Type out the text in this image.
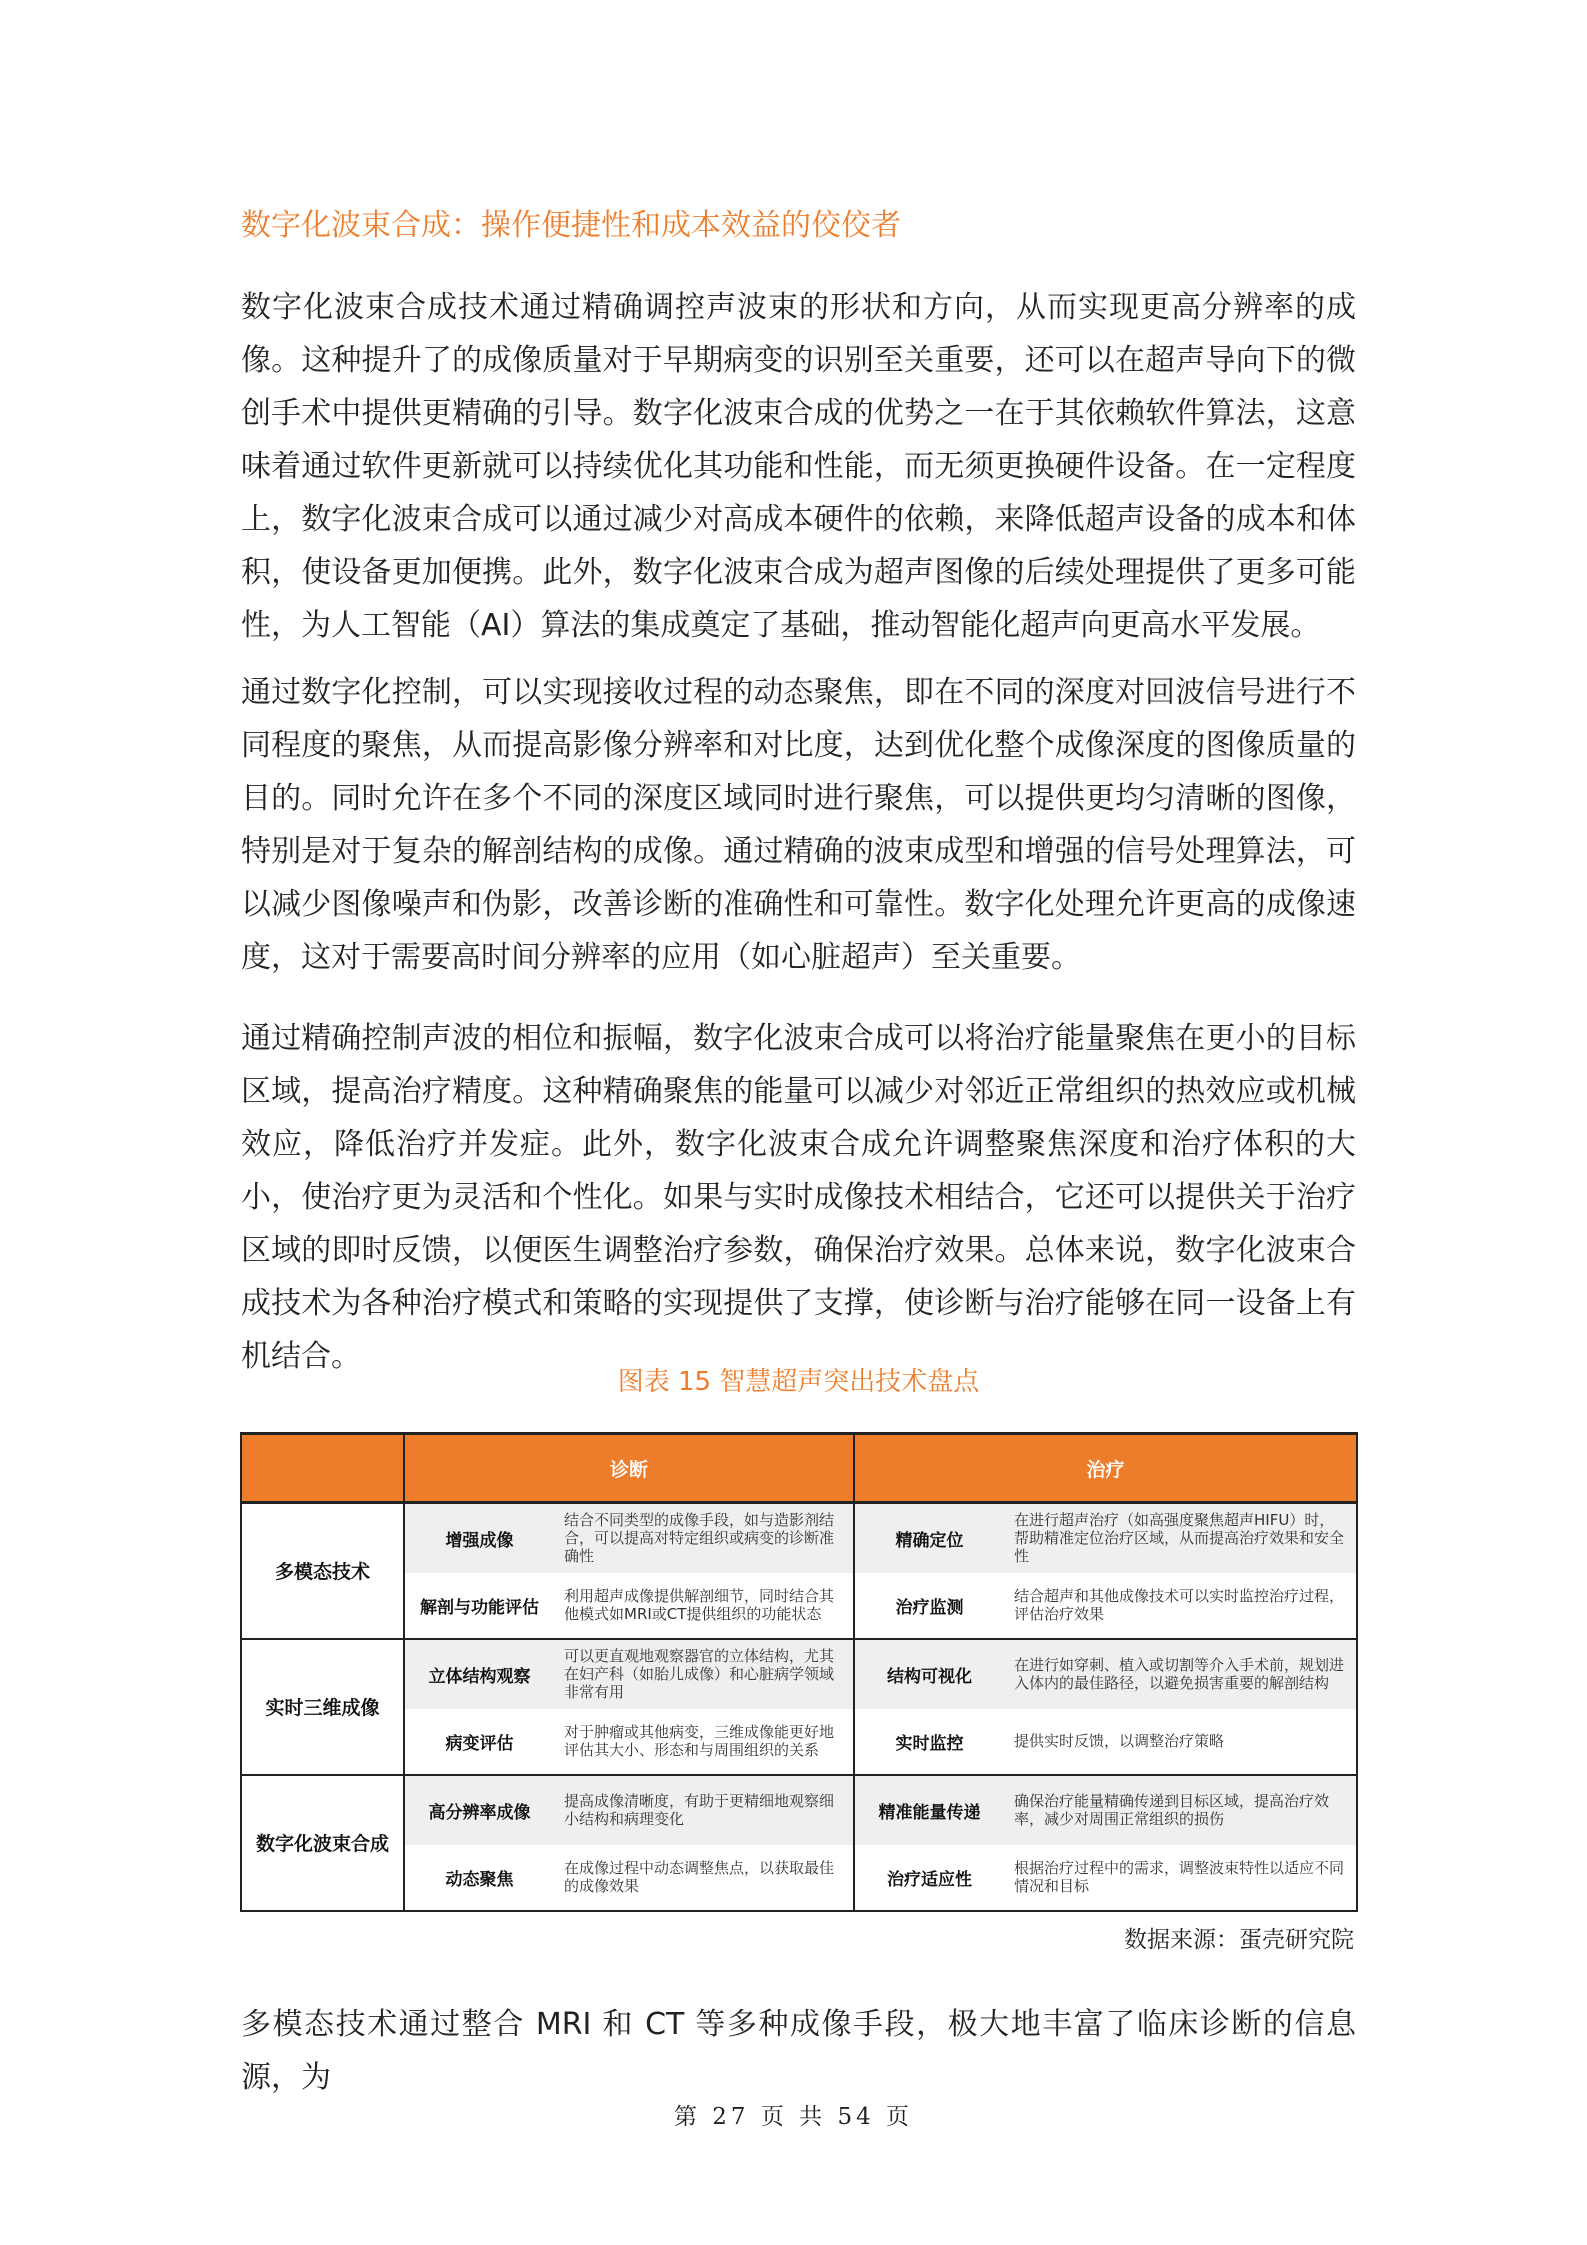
数字化波束合成：操作便捷性和成本效益的佼佼者
数字化波束合成技术通过精确调控声波束的形状和方向，从而实现更高分辨率的成像。这种提升了的成像质量对于早期病变的识别至关重要，还可以在超声导向下的微创手术中提供更精确的引导。数字化波束合成的优势之一在于其依赖软件算法，这意味着通过软件更新就可以持续优化其功能和性能，而无须更换硬件设备。在一定程度上，数字化波束合成可以通过减少对高成本硬件的依赖，来降低超声设备的成本和体积，使设备更加便携。此外，数字化波束合成为超声图像的后续处理提供了更多可能性，为人工智能（AI）算法的集成奠定了基础，推动智能化超声向更高水平发展。
通过数字化控制，可以实现接收过程的动态聚焦，即在不同的深度对回波信号进行不同程度的聚焦，从而提高影像分辨率和对比度，达到优化整个成像深度的图像质量的目的。同时允许在多个不同的深度区域同时进行聚焦，可以提供更均匀清晰的图像，特别是对于复杂的解剖结构的成像。通过精确的波束成型和增强的信号处理算法，可以减少图像噪声和伪影，改善诊断的准确性和可靠性。数字化处理允许更高的成像速度，这对于需要高时间分辨率的应用（如心脏超声）至关重要。
通过精确控制声波的相位和振幅，数字化波束合成可以将治疗能量聚焦在更小的目标区域，提高治疗精度。这种精确聚焦的能量可以减少对邻近正常组织的热效应或机械效应，降低治疗并发症。此外，数字化波束合成允许调整聚焦深度和治疗体积的大小，使治疗更为灵活和个性化。如果与实时成像技术相结合，它还可以提供关于治疗区域的即时反馈，以便医生调整治疗参数，确保治疗效果。总体来说，数字化波束合成技术为各种治疗模式和策略的实现提供了支撑，使诊断与治疗能够在同一设备上有机结合。
图表 15 智慧超声突出技术盘点
	诊断		治疗	
多模态技术	增强成像	结合不同类型的成像手段，如与造影剂结合，可以提高对特定组织或病变的诊断准确性	精确定位	在进行超声治疗（如高强度聚焦超声HIFU）时，帮助精准定位治疗区域，从而提高治疗效果和安全性
	解剖与功能评估	利用超声成像提供解剖细节，同时结合其他模式如MRI或CT提供组织的功能状态	治疗监测	结合超声和其他成像技术可以实时监控治疗过程，评估治疗效果
实时三维成像	立体结构观察	可以更直观地观察器官的立体结构，尤其在妇产科（如胎儿成像）和心脏病学领域非常有用	结构可视化	在进行如穿刺、植入或切割等介入手术前，规划进入体内的最佳路径，以避免损害重要的解剖结构
	病变评估	对于肿瘤或其他病变，三维成像能更好地评估其大小、形态和与周围组织的关系	实时监控	提供实时反馈，以调整治疗策略
数字化波束合成	高分辨率成像	提高成像清晰度，有助于更精细地观察细小结构和病理变化	精准能量传递	确保治疗能量精确传递到目标区域，提高治疗效率，减少对周围正常组织的损伤
	动态聚焦	在成像过程中动态调整焦点，以获取最佳的成像效果	治疗适应性	根据治疗过程中的需求，调整波束特性以适应不同情况和目标
数据来源：蛋壳研究院
多模态技术通过整合 MRI 和 CT 等多种成像手段，极大地丰富了临床诊断的信息源，为
第 27 页 共 54 页
